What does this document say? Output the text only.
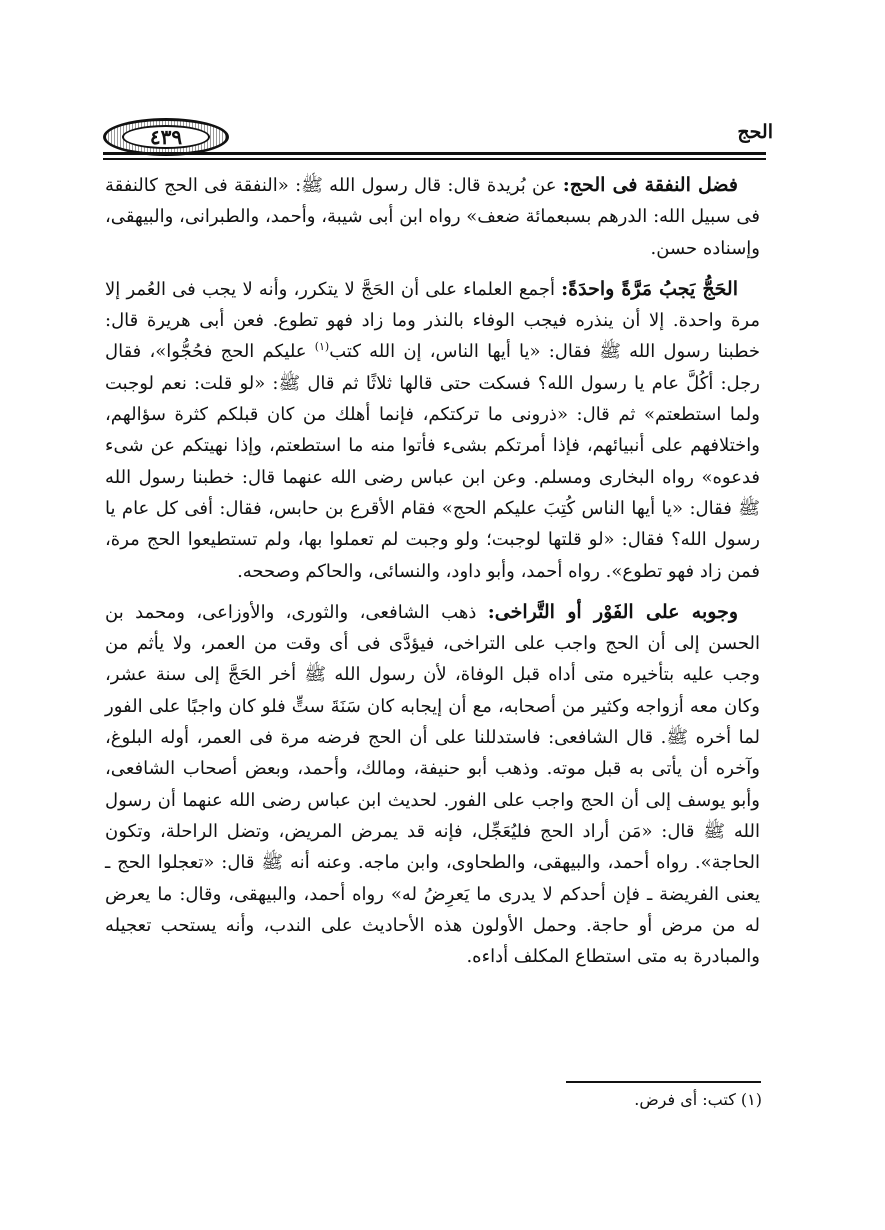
الحج
٤٣٩

فضل النفقة فى الحج: عن بُريدة قال: قال رسول الله ﷺ: «النفقة فى الحج كالنفقة فى سبيل الله: الدرهم بسبعمائة ضعف» رواه ابن أبى شيبة، وأحمد، والطبرانى، والبيهقى، وإسناده حسن.

الحَجُّ يَجبُ مَرَّةً واحدَةً: أجمع العلماء على أن الحَجَّ لا يتكرر، وأنه لا يجب فى العُمر إلا مرة واحدة. إلا أن ينذره فيجب الوفاء بالنذر وما زاد فهو تطوع. فعن أبى هريرة قال: خطبنا رسول الله ﷺ فقال: «يا أيها الناس، إن الله كتب$^{(١)}$ عليكم الحج فحُجُّوا»، فقال رجل: أكُلَّ عام يا رسول الله؟ فسكت حتى قالها ثلاثًا ثم قال ﷺ: «لو قلت: نعم لوجبت ولما استطعتم» ثم قال: «ذرونى ما تركتكم، فإنما أهلك من كان قبلكم كثرة سؤالهم، واختلافهم على أنبيائهم، فإذا أمرتكم بشىء فأتوا منه ما استطعتم، وإذا نهيتكم عن شىء فدعوه» رواه البخارى ومسلم. وعن ابن عباس رضى الله عنهما قال: خطبنا رسول الله ﷺ فقال: «يا أيها الناس كُتِبَ عليكم الحج» فقام الأقرع بن حابس، فقال: أفى كل عام يا رسول الله؟ فقال: «لو قلتها لوجبت؛ ولو وجبت لم تعملوا بها، ولم تستطيعوا الحج مرة، فمن زاد فهو تطوع». رواه أحمد، وأبو داود، والنسائى، والحاكم وصححه.

وجوبه على الفَوْر أو التَّراخى: ذهب الشافعى، والثورى، والأوزاعى، ومحمد بن الحسن إلى أن الحج واجب على التراخى، فيؤدَّى فى أى وقت من العمر، ولا يأثم من وجب عليه بتأخيره متى أداه قبل الوفاة، لأن رسول الله ﷺ أخر الحَجَّ إلى سنة عشر، وكان معه أزواجه وكثير من أصحابه، مع أن إيجابه كان سَنَةَ ستٍّ فلو كان واجبًا على الفور لما أخره ﷺ. قال الشافعى: فاستدللنا على أن الحج فرضه مرة فى العمر، أوله البلوغ، وآخره أن يأتى به قبل موته. وذهب أبو حنيفة، ومالك، وأحمد، وبعض أصحاب الشافعى، وأبو يوسف إلى أن الحج واجب على الفور. لحديث ابن عباس رضى الله عنهما أن رسول الله ﷺ قال: «مَن أراد الحج فليُعَجِّل، فإنه قد يمرض المريض، وتضل الراحلة، وتكون الحاجة». رواه أحمد، والبيهقى، والطحاوى، وابن ماجه. وعنه أنه ﷺ قال: «تعجلوا الحج ـ يعنى الفريضة ـ فإن أحدكم لا يدرى ما يَعرِضُ له» رواه أحمد، والبيهقى، وقال: ما يعرض له من مرض أو حاجة. وحمل الأولون هذه الأحاديث على الندب، وأنه يستحب تعجيله والمبادرة به متى استطاع المكلف أداءه.

(١) كتب: أى فرض.
